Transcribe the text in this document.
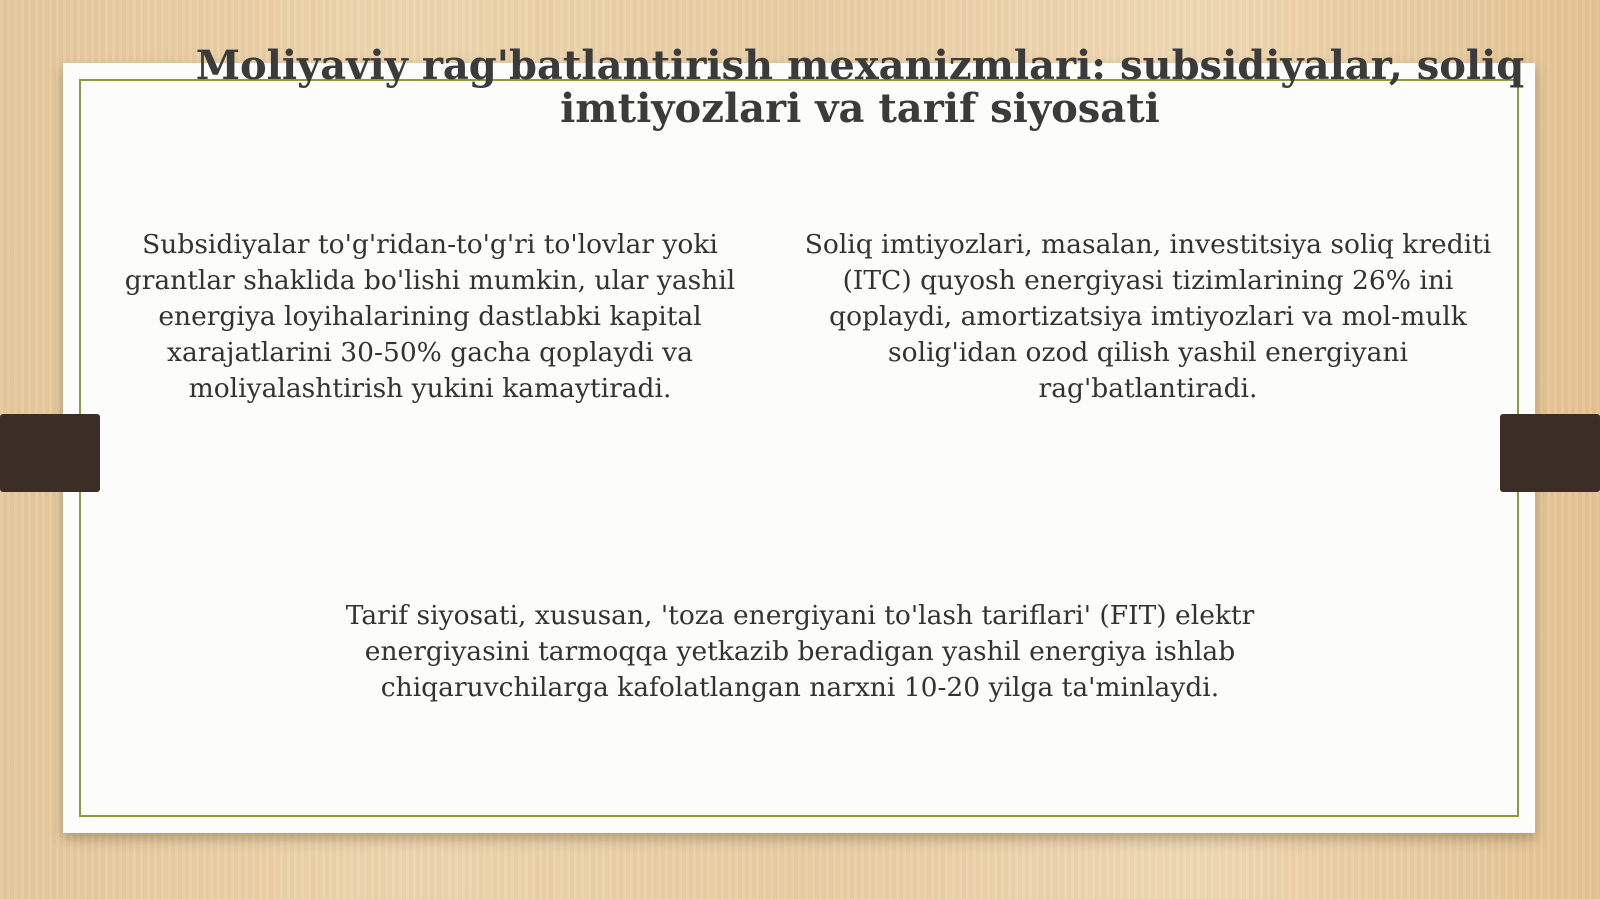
Moliyaviy rag'batlantirish mexanizmlari: subsidiyalar, soliq imtiyozlari va tarif siyosati

Subsidiyalar to'g'ridan-to'g'ri to'lovlar yoki grantlar shaklida bo'lishi mumkin, ular yashil energiya loyihalarining dastlabki kapital xarajatlarini 30-50% gacha qoplaydi va moliyalashtirish yukini kamaytiradi.

Soliq imtiyozlari, masalan, investitsiya soliq krediti (ITC) quyosh energiyasi tizimlarining 26% ini qoplaydi, amortizatsiya imtiyozlari va mol-mulk solig'idan ozod qilish yashil energiyani rag'batlantiradi.

Tarif siyosati, xususan, 'toza energiyani to'lash tariflari' (FIT) elektr energiyasini tarmoqqa yetkazib beradigan yashil energiya ishlab chiqaruvchilarga kafolatlangan narxni 10-20 yilga ta'minlaydi.
